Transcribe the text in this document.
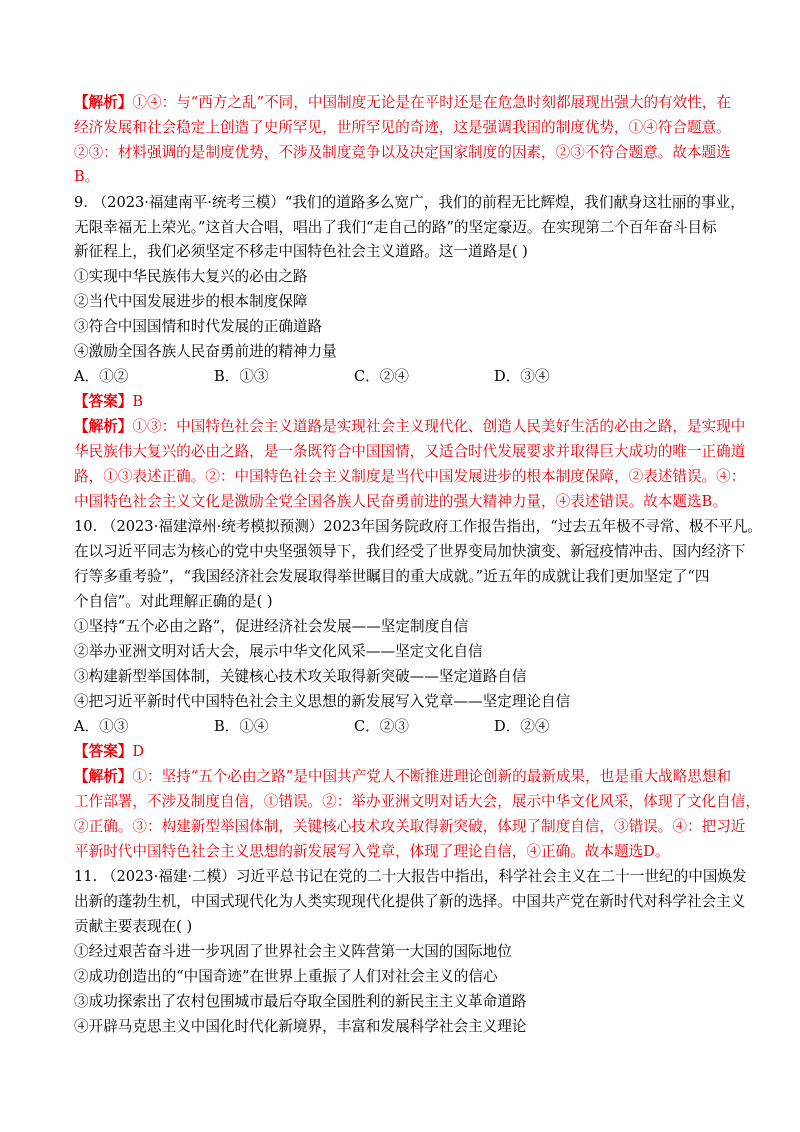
【解析】①④：与“西方之乱”不同，中国制度无论是在平时还是在危急时刻都展现出强大的有效性，在
经济发展和社会稳定上创造了史所罕见，世所罕见的奇迹，这是强调我国的制度优势，①④符合题意。
②③：材料强调的是制度优势，不涉及制度竞争以及决定国家制度的因素，②③不符合题意。故本题选
B。
9. （2023·福建南平·统考三模）“我们的道路多么宽广，我们的前程无比辉煌，我们献身这壮丽的事业，
无限幸福无上荣光。”这首大合唱，唱出了我们“走自己的路”的坚定豪迈。在实现第二个百年奋斗目标
新征程上，我们必须坚定不移走中国特色社会主义道路。这一道路是( )
①实现中华民族伟大复兴的必由之路
②当代中国发展进步的根本制度保障
③符合中国国情和时代发展的正确道路
④激励全国各族人民奋勇前进的精神力量
A．①②	B．①③	C．②④	D．③④
【答案】B
【解析】①③：中国特色社会主义道路是实现社会主义现代化、创造人民美好生活的必由之路，是实现中
华民族伟大复兴的必由之路，是一条既符合中国国情，又适合时代发展要求并取得巨大成功的唯一正确道
路，①③表述正确。②：中国特色社会主义制度是当代中国发展进步的根本制度保障，②表述错误。④：
中国特色社会主义文化是激励全党全国各族人民奋勇前进的强大精神力量，④表述错误。故本题选B。
10. （2023·福建漳州·统考模拟预测）2023年国务院政府工作报告指出，“过去五年极不寻常、极不平凡。
在以习近平同志为核心的党中央坚强领导下，我们经受了世界变局加快演变、新冠疫情冲击、国内经济下
行等多重考验”，“我国经济社会发展取得举世瞩目的重大成就。”近五年的成就让我们更加坚定了“四
个自信”。对此理解正确的是( )
①坚持“五个必由之路”，促进经济社会发展——坚定制度自信
②举办亚洲文明对话大会，展示中华文化风采——坚定文化自信
③构建新型举国体制，关键核心技术攻关取得新突破——坚定道路自信
④把习近平新时代中国特色社会主义思想的新发展写入党章——坚定理论自信
A．①③	B．①④	C．②③	D．②④
【答案】D
【解析】①：坚持“五个必由之路”是中国共产党人不断推进理论创新的最新成果，也是重大战略思想和
工作部署，不涉及制度自信，①错误。②：举办亚洲文明对话大会，展示中华文化风采，体现了文化自信，
②正确。③：构建新型举国体制，关键核心技术攻关取得新突破，体现了制度自信，③错误。④：把习近
平新时代中国特色社会主义思想的新发展写入党章，体现了理论自信，④正确。故本题选D。
11. （2023·福建·二模）习近平总书记在党的二十大报告中指出，科学社会主义在二十一世纪的中国焕发
出新的蓬勃生机，中国式现代化为人类实现现代化提供了新的选择。中国共产党在新时代对科学社会主义
贡献主要表现在( )
①经过艰苦奋斗进一步巩固了世界社会主义阵营第一大国的国际地位
②成功创造出的“中国奇迹”在世界上重振了人们对社会主义的信心
③成功探索出了农村包围城市最后夺取全国胜利的新民主主义革命道路
④开辟马克思主义中国化时代化新境界，丰富和发展科学社会主义理论
